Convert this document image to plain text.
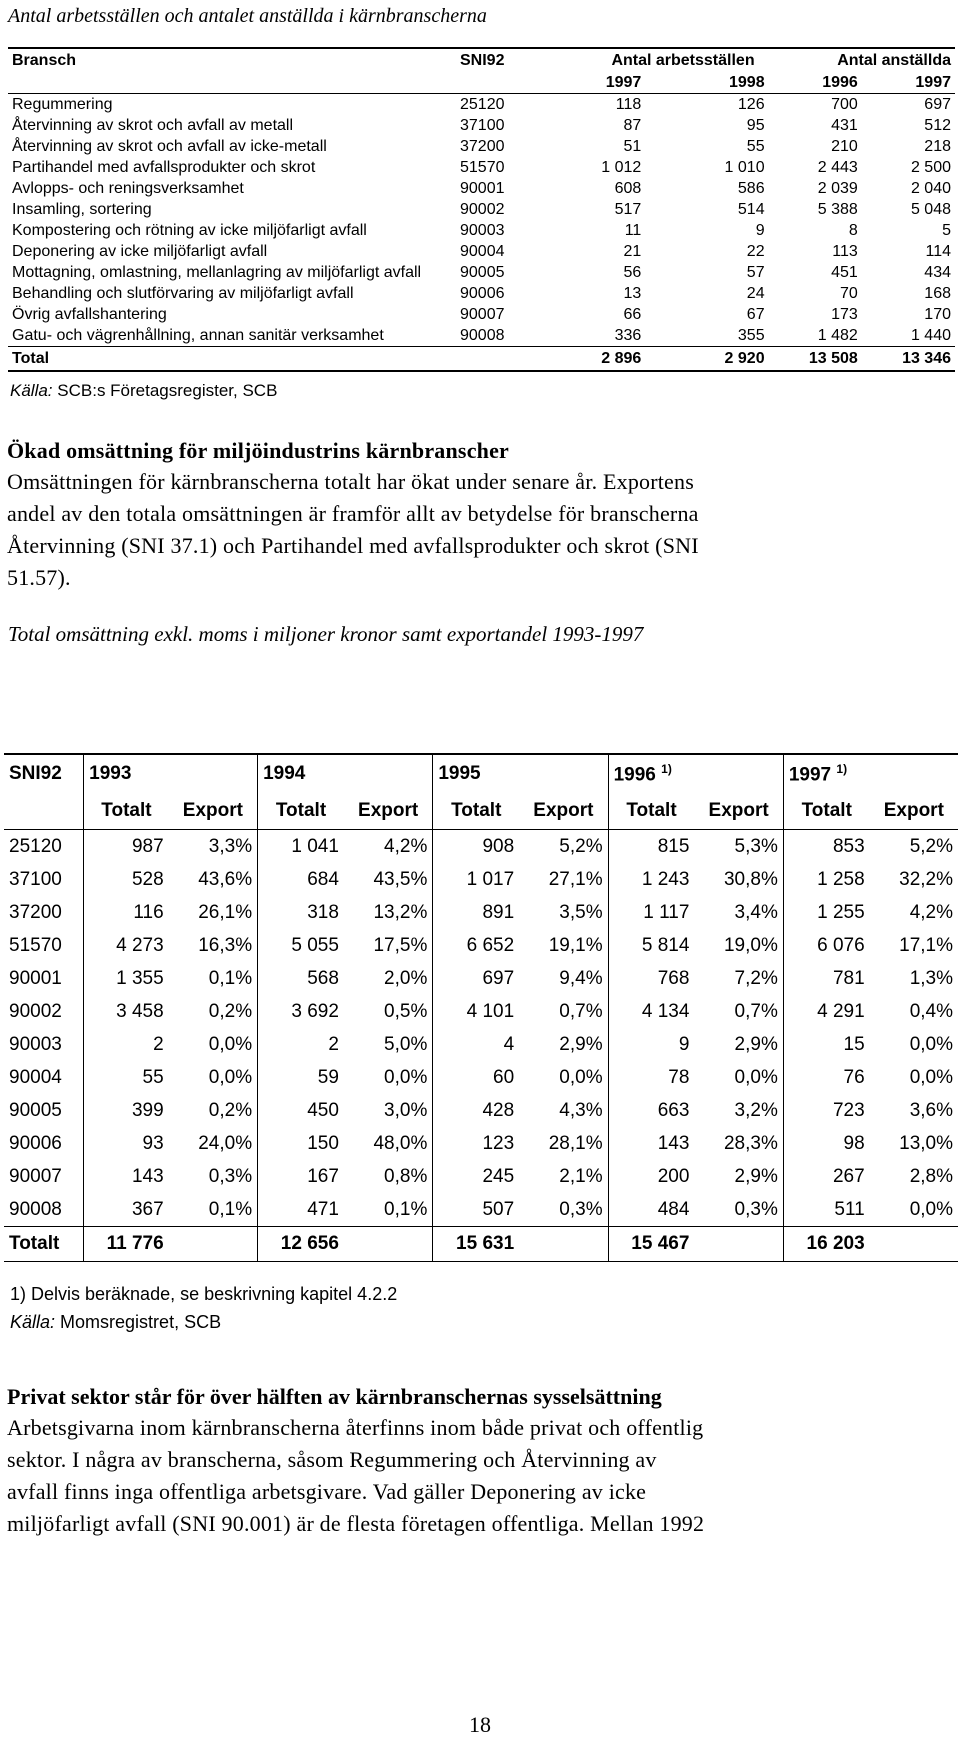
Antal arbetsställen och antalet anställda i kärnbranscherna
Bransch	SNI92	Antal arbetsställen		Antal anställda	
		1997	1998	1996	1997
Regummering	25120	118	126	700	697
Återvinning av skrot och avfall av metall	37100	87	95	431	512
Återvinning av skrot och avfall av icke-metall	37200	51	55	210	218
Partihandel med avfallsprodukter och skrot	51570	1 012	1 010	2 443	2 500
Avlopps- och reningsverksamhet	90001	608	586	2 039	2 040
Insamling, sortering	90002	517	514	5 388	5 048
Kompostering och rötning av icke miljöfarligt avfall	90003	11	9	8	5
Deponering av icke miljöfarligt avfall	90004	21	22	113	114
Mottagning, omlastning, mellanlagring av miljöfarligt avfall	90005	56	57	451	434
Behandling och slutförvaring av miljöfarligt avfall	90006	13	24	70	168
Övrig avfallshantering	90007	66	67	173	170
Gatu- och vägrenhållning, annan sanitär verksamhet	90008	336	355	1 482	1 440
Total		2 896	2 920	13 508	13 346
Källa: SCB:s Företagsregister, SCB
Ökad omsättning för miljöindustrins kärnbranscher
Omsättningen för kärnbranscherna totalt har ökat under senare år. Exportens
andel av den totala omsättningen är framför allt av betydelse för branscherna
Återvinning (SNI 37.1) och Partihandel med avfallsprodukter och skrot (SNI
51.57).
Total omsättning exkl. moms i miljoner kronor samt exportandel 1993-1997
SNI92	1993		1994		1995		1996 $^{1)}$		1997 $^{1)}$
	Totalt	Export	Totalt	Export	Totalt	Export	Totalt	Export	Totalt	Export
25120	987	3,3%	1 041	4,2%	908	5,2%	815	5,3%	853	5,2%
37100	528	43,6%	684	43,5%	1 017	27,1%	1 243	30,8%	1 258	32,2%
37200	116	26,1%	318	13,2%	891	3,5%	1 117	3,4%	1 255	4,2%
51570	4 273	16,3%	5 055	17,5%	6 652	19,1%	5 814	19,0%	6 076	17,1%
90001	1 355	0,1%	568	2,0%	697	9,4%	768	7,2%	781	1,3%
90002	3 458	0,2%	3 692	0,5%	4 101	0,7%	4 134	0,7%	4 291	0,4%
90003	2	0,0%	2	5,0%	4	2,9%	9	2,9%	15	0,0%
90004	55	0,0%	59	0,0%	60	0,0%	78	0,0%	76	0,0%
90005	399	0,2%	450	3,0%	428	4,3%	663	3,2%	723	3,6%
90006	93	24,0%	150	48,0%	123	28,1%	143	28,3%	98	13,0%
90007	143	0,3%	167	0,8%	245	2,1%	200	2,9%	267	2,8%
90008	367	0,1%	471	0,1%	507	0,3%	484	0,3%	511	0,0%
Totalt	11 776		12 656		15 631		15 467		16 203	
1) Delvis beräknade, se beskrivning kapitel 4.2.2
Källa: Momsregistret, SCB
Privat sektor står för över hälften av kärnbranschernas sysselsättning
Arbetsgivarna inom kärnbranscherna återfinns inom både privat och offentlig
sektor. I några av branscherna, såsom Regummering och Återvinning av
avfall finns inga offentliga arbetsgivare. Vad gäller Deponering av icke
miljöfarligt avfall (SNI 90.001) är de flesta företagen offentliga. Mellan 1992
18
